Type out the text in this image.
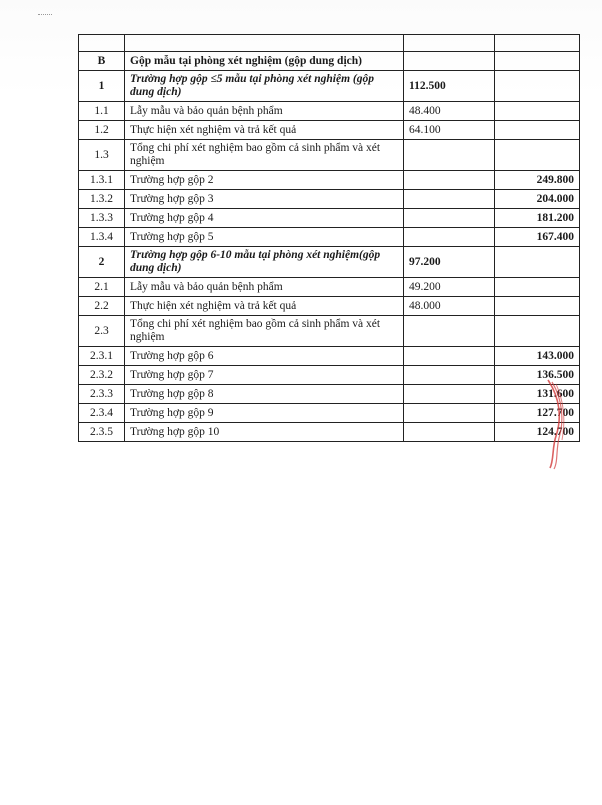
B	Gộp mẫu tại phòng xét nghiệm (gộp dung dịch)		
1	Trường hợp gộp ≤5 mẫu tại phòng xét nghiệm (gộp dung dịch)	112.500	
1.1	Lẫy mẫu và bảo quản bệnh phẩm	48.400	
1.2	Thực hiện xét nghiệm và trả kết quả	64.100	
1.3	Tổng chi phí xét nghiệm bao gồm cả sinh phẩm và xét nghiệm		
1.3.1	Trường hợp gộp 2		249.800
1.3.2	Trường hợp gộp 3		204.000
1.3.3	Trường hợp gộp 4		181.200
1.3.4	Trường hợp gộp 5		167.400
2	Trường hợp gộp 6-10 mẫu tại phòng xét nghiệm(gộp dung dịch)	97.200	
2.1	Lẫy mẫu và bảo quản bệnh phẩm	49.200	
2.2	Thực hiện xét nghiệm và trả kết quả	48.000	
2.3	Tổng chi phí xét nghiệm bao gồm cả sinh phẩm và xét nghiệm		
2.3.1	Trường hợp gộp 6		143.000
2.3.2	Trường hợp gộp 7		136.500
2.3.3	Trường hợp gộp 8		131.600
2.3.4	Trường hợp gộp 9		127.700
2.3.5	Trường hợp gộp 10		124.700
